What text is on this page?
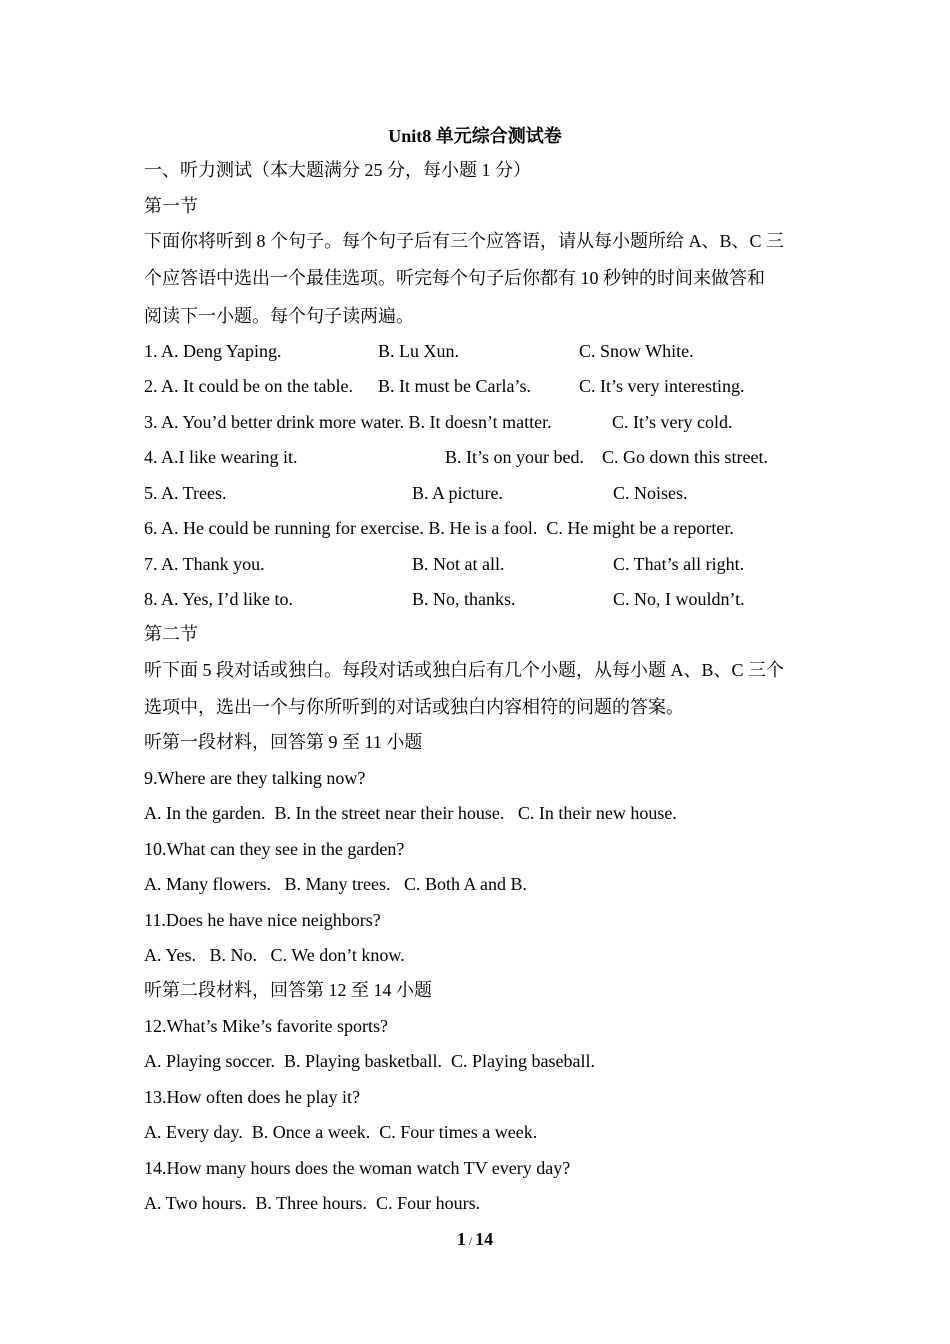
Unit8 单元综合测试卷
一、听力测试（本大题满分 25 分，每小题 1 分）
第一节
下面你将听到 8 个句子。每个句子后有三个应答语，请从每小题所给 A、B、C 三
个应答语中选出一个最佳选项。听完每个句子后你都有 10 秒钟的时间来做答和
阅读下一小题。每个句子读两遍。
1. A. Deng Yaping.	B. Lu Xun.	C. Snow White.
2. A. It could be on the table. B. It must be Carla’s.	C. It’s very interesting.
3. A. You’d better drink more water. B. It doesn’t matter.	C. It’s very cold.
4. A.I like wearing it.	B. It’s on your bed. C. Go down this street.
5. A. Trees.	B. A picture.	C. Noises.
6. A. He could be running for exercise. B. He is a fool.  C. He might be a reporter.
7. A. Thank you.	B. Not at all.	C. That’s all right.
8. A. Yes, I’d like to.	B. No, thanks.	C. No, I wouldn’t.
第二节
听下面 5 段对话或独白。每段对话或独白后有几个小题，从每小题 A、B、C 三个
选项中，选出一个与你所听到的对话或独白内容相符的问题的答案。
听第一段材料，回答第 9 至 11 小题
9.Where are they talking now?
A. In the garden.  B. In the street near their house.   C. In their new house.
10.What can they see in the garden?
A. Many flowers.   B. Many trees.   C. Both A and B.
11.Does he have nice neighbors?
A. Yes.   B. No.   C. We don’t know.
听第二段材料，回答第 12 至 14 小题
12.What’s Mike’s favorite sports?
A. Playing soccer.  B. Playing basketball.  C. Playing baseball.
13.How often does he play it?
A. Every day.  B. Once a week.  C. Four times a week.
14.How many hours does the woman watch TV every day?
A. Two hours.  B. Three hours.  C. Four hours.
1 / 14
